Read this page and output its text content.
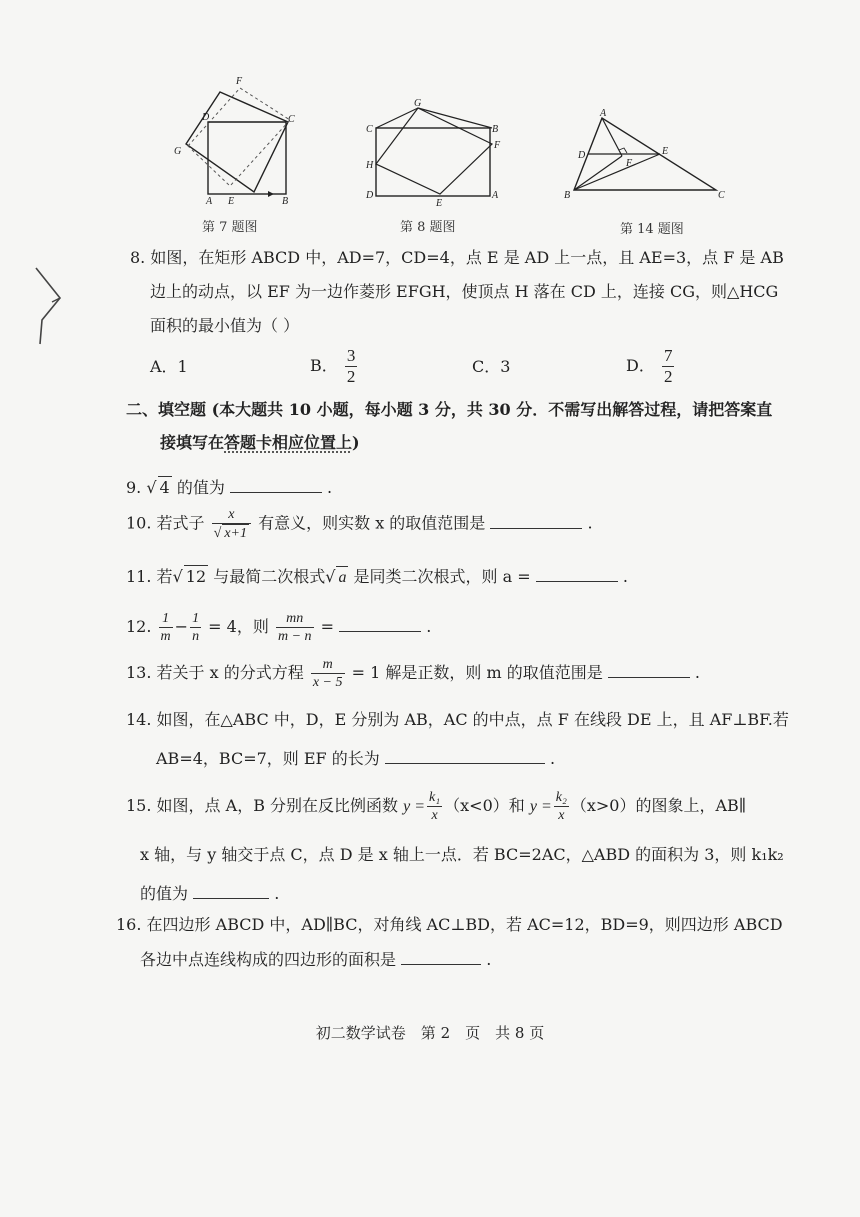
F
D	C
G
A E	B
第 7 题图
G
C	B
F
H
D
E
A
第 8 题图
A
D
F
E
B	C
第 14 题图
8. 如图，在矩形 ABCD 中，AD=7，CD=4，点 E 是 AD 上一点，且 AE=3，点 F 是 AB
边上的动点，以 EF 为一边作菱形 EFGH，使顶点 H 落在 CD 上，连接 CG，则△HCG
面积的最小值为（ ）
A．1	B． $\frac{3}{2}$	C．3	D． $\frac{7}{2}$
二、填空题 (本大题共 10 小题，每小题 3 分，共 30 分．不需写出解答过程，请把答案直
接填写在答题卡相应位置上)
9. √ 4 的值为	.
10. 若式子 $\frac{x}{√ x+1}$ 有意义，则实数 x 的取值范围是	.
11. 若√ 12 与最简二次根式√ a 是同类二次根式，则 a =	.
12. $\frac{1}{m} - \frac{1}{n} = 4$，则 $\frac{mn}{m - n}$ =	.
13. 若关于 x 的分式方程 $\frac{m}{x - 5} = 1$ 解是正数，则 m 的取值范围是	.
14. 如图，在△ABC 中，D，E 分别为 AB，AC 的中点，点 F 在线段 DE 上，且 AF⊥BF.若
AB=4，BC=7，则 EF 的长为	.
15. 如图，点 A，B 分别在反比例函数 $y = \frac{\text{k₁}}{x} (x<0)$和 $y = \frac{\text{k₂}}{x} (x>0)$的图象上，AB∥
x 轴，与 y 轴交于点 C，点 D 是 x 轴上一点．若 BC=2AC，△ABD 的面积为 3，则 k₁k₂
的值为	.
16. 在四边形 ABCD 中，AD∥BC，对角线 AC⊥BD，若 AC=12，BD=9，则四边形 ABCD
各边中点连线构成的四边形的面积是	.
初二数学试卷　第 2　页　共 8 页
